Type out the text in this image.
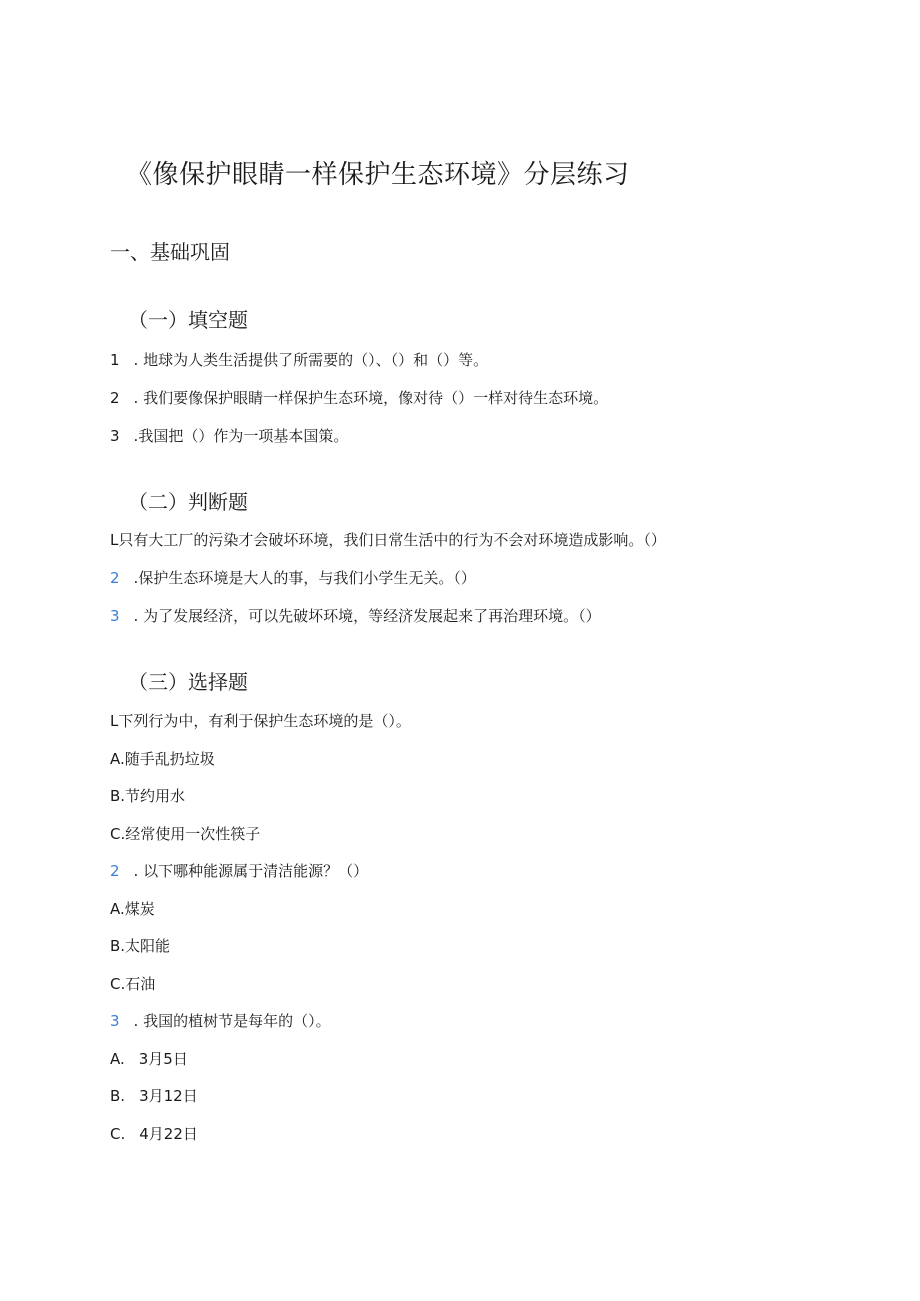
《像保护眼睛一样保护生态环境》分层练习
一、基础巩固
（一）填空题
1 . 地球为人类生活提供了所需要的（）、（）和（）等。
2 . 我们要像保护眼睛一样保护生态环境，像对待（）一样对待生态环境。
3 .我国把（）作为一项基本国策。
（二）判断题
L只有大工厂的污染才会破坏环境，我们日常生活中的行为不会对环境造成影响。（）
2 .保护生态环境是大人的事，与我们小学生无关。（）
3 . 为了发展经济，可以先破坏环境，等经济发展起来了再治理环境。（）
（三）选择题
L下列行为中，有利于保护生态环境的是（）。
A.随手乱扔垃圾
B.节约用水
C.经常使用一次性筷子
2 . 以下哪种能源属于清洁能源？（）
A.煤炭
B.太阳能
C.石油
3 . 我国的植树节是每年的（）。
A. 3月5日
B. 3月12日
C. 4月22日
